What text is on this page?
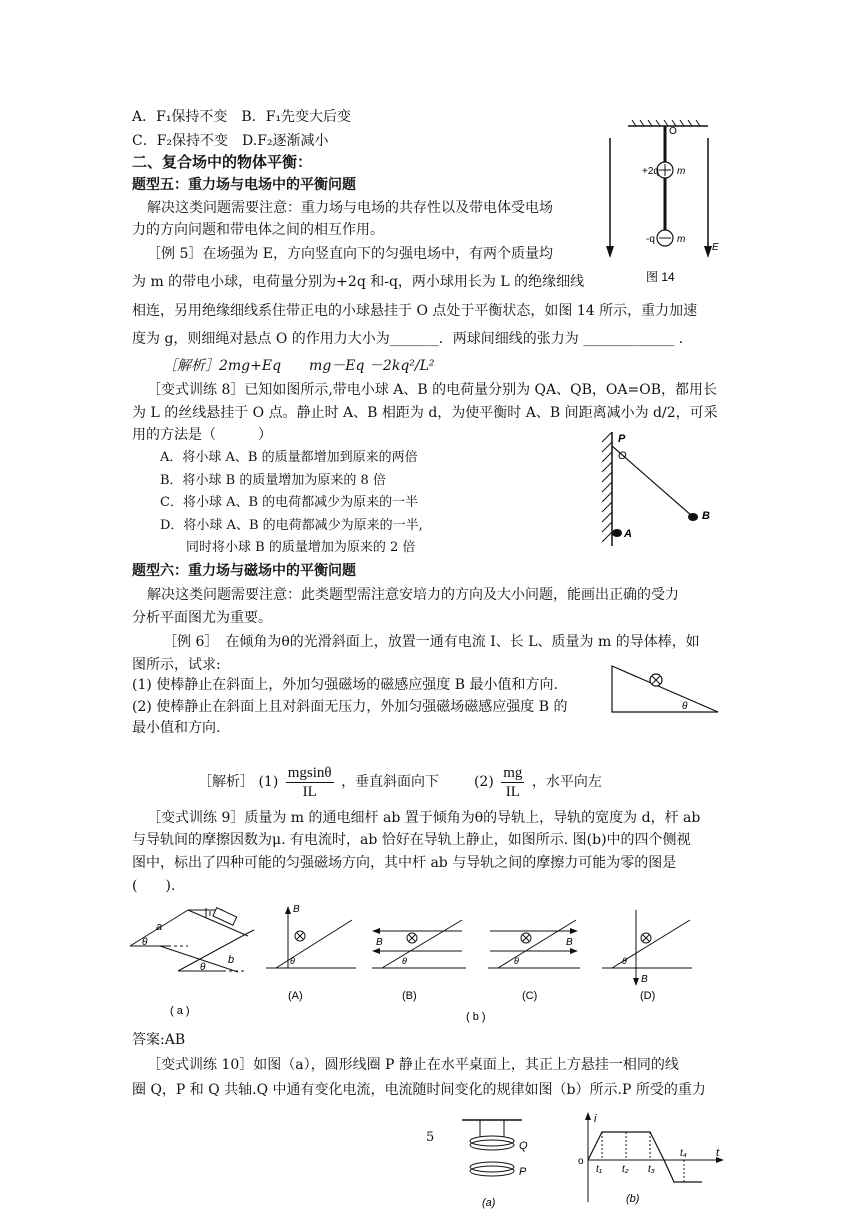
A．F₁保持不变　B．F₁先变大后变
C．F₂保持不变　D.F₂逐渐减小
二、复合场中的物体平衡：
题型五：重力场与电场中的平衡问题
解决这类问题需要注意：重力场与电场的共存性以及带电体受电场
力的方向问题和带电体之间的相互作用。
［例 5］在场强为 E，方向竖直向下的匀强电场中，有两个质量均
为 m 的带电小球，电荷量分别为+2q 和-q，两小球用长为 L 的绝缘细线
相连，另用绝缘细线系住带正电的小球悬挂于 O 点处于平衡状态，如图 14 所示，重力加速
度为 g，则细绳对悬点 O 的作用力大小为_______．两球间细线的张力为 _____________ .
［解析］2mg+Eq　　mg－Eq －2kq²/L²
O
+2q m
-q m
E
图 14
［变式训练 8］已知如图所示,带电小球 A、B 的电荷量分别为 QA、QB，OA=OB，都用长
为 L 的丝线悬挂于 O 点。静止时 A、B 相距为 d，为使平衡时 A、B 间距离减小为 d/2，可采
用的方法是（　　　）
A．将小球 A、B 的质量都增加到原来的两倍
B．将小球 B 的质量增加为原来的 8 倍
C．将小球 A、B 的电荷都减少为原来的一半
D．将小球 A、B 的电荷都减少为原来的一半,
同时将小球 B 的质量增加为原来的 2 倍
P
O
B
A
题型六：重力场与磁场中的平衡问题
解决这类问题需要注意：此类题型需注意安培力的方向及大小问题，能画出正确的受力
分析平面图尤为重要。
［例 6］　在倾角为θ的光滑斜面上，放置一通有电流 I、长 L、质量为 m 的导体棒，如
图所示，试求:
(1) 使棒静止在斜面上，外加匀强磁场的磁感应强度 B 最小值和方向.
(2) 使棒静止在斜面上且对斜面无压力，外加匀强磁场磁感应强度 B 的
最小值和方向.
θ
［解析］ $(1) \frac{mgsin\theta}{IL}$ ，垂直斜面向下 $(2) \frac{mg}{IL}$ ，水平向左
［变式训练 9］质量为 m 的通电细杆 ab 置于倾角为θ的导轨上，导轨的宽度为 d，杆 ab
与导轨间的摩擦因数为μ. 有电流时，ab 恰好在导轨上静止，如图所示. 图(b)中的四个侧视
图中，标出了四种可能的匀强磁场方向，其中杆 ab 与导轨之间的摩擦力可能为零的图是
(　　).
a
b
θ
θ
( a )
B
θ
(A)
B
θ
(B)
B
θ
(C)
B
θ
(D)
( b )
答案:AB
［变式训练 10］如图（a），圆形线圈 P 静止在水平桌面上，其正上方悬挂一相同的线
圈 Q，P 和 Q 共轴.Q 中通有变化电流，电流随时间变化的规律如图（b）所示.P 所受的重力
5
Q
P
(a)
t
i
o
t₁ t₂ t₃
t₄
(b)
